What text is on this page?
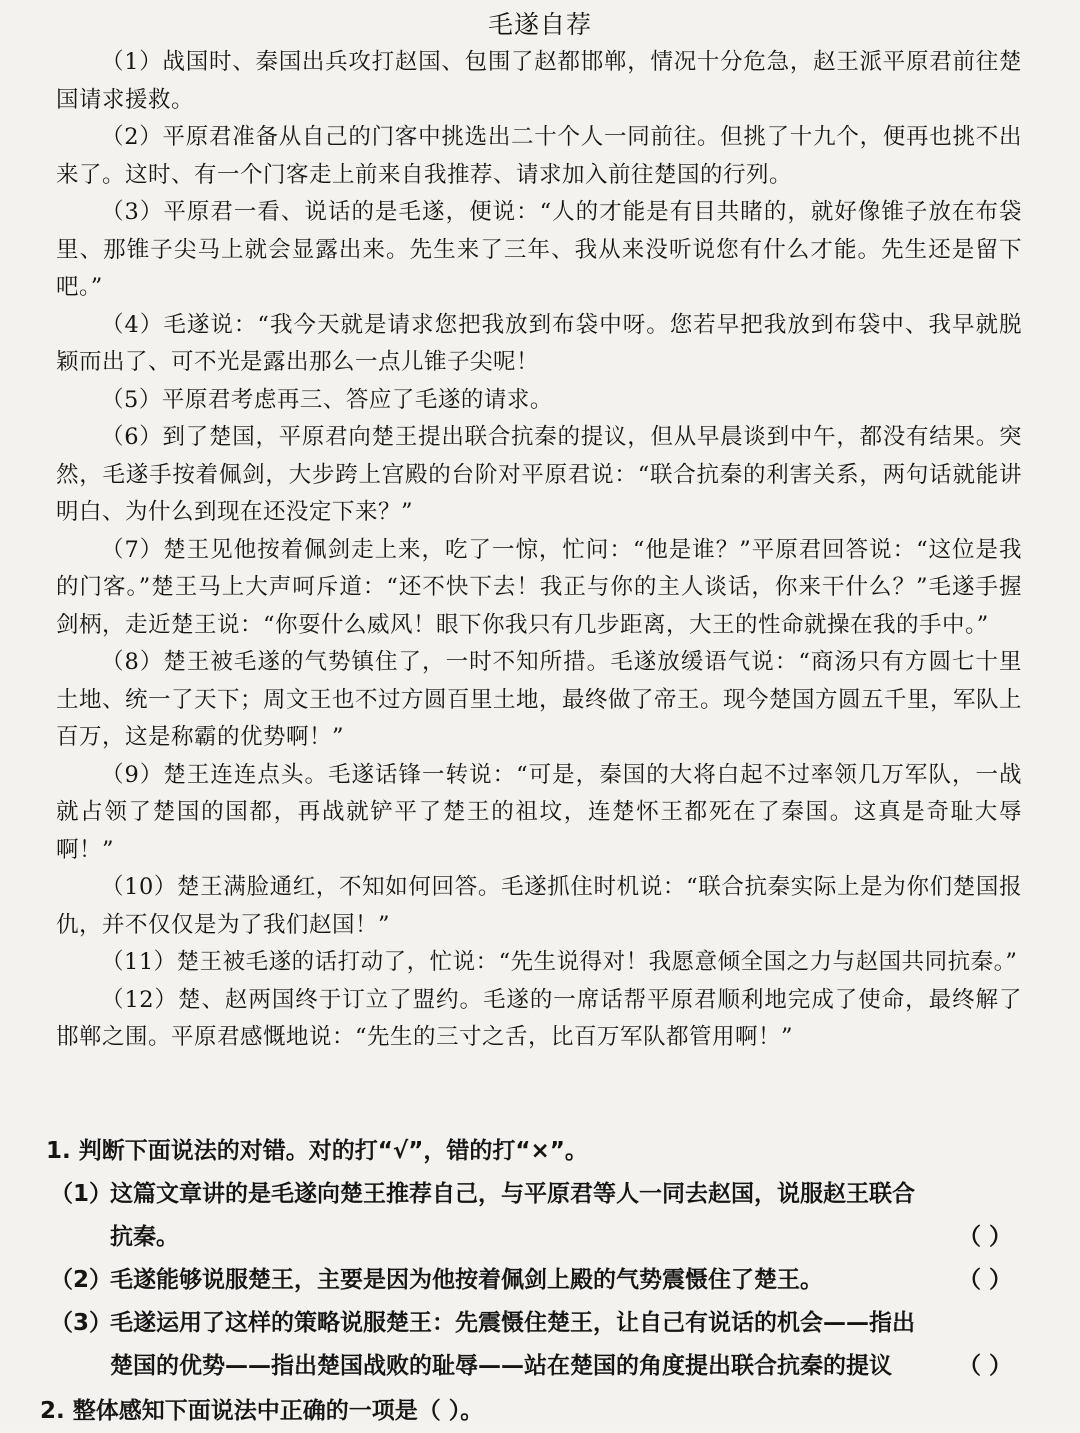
毛遂自荐

（1）战国时、秦国出兵攻打赵国、包围了赵都邯郸，情况十分危急，赵王派平原君前往楚国请求援救。

（2）平原君准备从自己的门客中挑选出二十个人一同前往。但挑了十九个，便再也挑不出来了。这时、有一个门客走上前来自我推荐、请求加入前往楚国的行列。

（3）平原君一看、说话的是毛遂，便说：“人的才能是有目共睹的，就好像锥子放在布袋里、那锥子尖马上就会显露出来。先生来了三年、我从来没听说您有什么才能。先生还是留下吧。”

（4）毛遂说：“我今天就是请求您把我放到布袋中呀。您若早把我放到布袋中、我早就脱颖而出了、可不光是露出那么一点儿锥子尖呢！

（5）平原君考虑再三、答应了毛遂的请求。

（6）到了楚国，平原君向楚王提出联合抗秦的提议，但从早晨谈到中午，都没有结果。突然，毛遂手按着佩剑，大步跨上宫殿的台阶对平原君说：“联合抗秦的利害关系，两句话就能讲明白、为什么到现在还没定下来？”

（7）楚王见他按着佩剑走上来，吃了一惊，忙问：“他是谁？”平原君回答说：“这位是我的门客。”楚王马上大声呵斥道：“还不快下去！我正与你的主人谈话，你来干什么？”毛遂手握剑柄，走近楚王说：“你耍什么威风！眼下你我只有几步距离，大王的性命就操在我的手中。”

（8）楚王被毛遂的气势镇住了，一时不知所措。毛遂放缓语气说：“商汤只有方圆七十里土地、统一了天下；周文王也不过方圆百里土地，最终做了帝王。现今楚国方圆五千里，军队上百万，这是称霸的优势啊！”

（9）楚王连连点头。毛遂话锋一转说：“可是，秦国的大将白起不过率领几万军队，一战就占领了楚国的国都，再战就铲平了楚王的祖坟，连楚怀王都死在了秦国。这真是奇耻大辱啊！”

（10）楚王满脸通红，不知如何回答。毛遂抓住时机说：“联合抗秦实际上是为你们楚国报仇，并不仅仅是为了我们赵国！”

（11）楚王被毛遂的话打动了，忙说：“先生说得对！我愿意倾全国之力与赵国共同抗秦。”

（12）楚、赵两国终于订立了盟约。毛遂的一席话帮平原君顺利地完成了使命，最终解了邯郸之围。平原君感慨地说：“先生的三寸之舌，比百万军队都管用啊！”

1. 判断下面说法的对错。对的打“√”，错的打“×”。

（1）
这篇文章讲的是毛遂向楚王推荐自己，与平原君等人一同去赵国，说服赵王联合抗秦。	（ ）

（2）
毛遂能够说服楚王，主要是因为他按着佩剑上殿的气势震慑住了楚王。	（ ）

（3）
毛遂运用了这样的策略说服楚王：先震慑住楚王，让自己有说话的机会——指出楚国的优势——指出楚国战败的耻辱——站在楚国的角度提出联合抗秦的提议	（ ）

2. 整体感知下面说法中正确的一项是（ ）。
